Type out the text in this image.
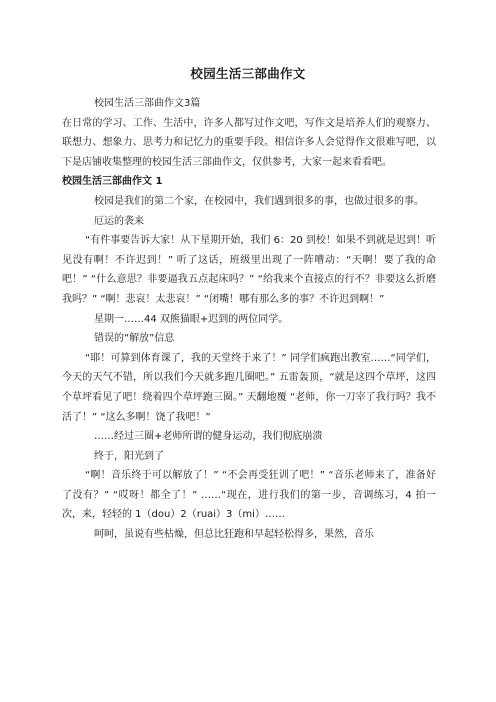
校园生活三部曲作文

校园生活三部曲作文3篇

在日常的学习、工作、生活中，许多人都写过作文吧，写作文是培养人们的观察力、联想力、想象力、思考力和记忆力的重要手段。相信许多人会觉得作文很难写吧，以下是店铺收集整理的校园生活三部曲作文，仅供参考，大家一起来看看吧。

校园生活三部曲作文 1

校园是我们的第二个家，在校园中，我们遇到很多的事，也做过很多的事。

厄运的袭来

“有件事要告诉大家！从下星期开始，我们 6：20 到校！如果不到就是迟到！听见没有啊！不许迟到！” 听了这话，班级里出现了一阵嘈动：“天啊！要了我的命吧！” “什么意思？非要逼我五点起床吗？” “给我来个直接点的行不？非要这么折磨我吗？” “啊！悲哀！太悲哀！” “闭嘴！哪有那么多的事？不许迟到啊！”

星期一……44 双熊猫眼+迟到的两位同学。

错误的“解放”信息

“耶！可算到体育课了，我的天堂终于来了！” 同学们疯跑出教室……“同学们，今天的天气不错，所以我们今天就多跑几圈吧。” 五雷轰顶，“就是这四个草坪，这四个草坪看见了吧！绕着四个草坪跑三圈。” 天翻地覆 “老师，你一刀宰了我行吗？我不活了！” “这么多啊！饶了我吧！”

……经过三圈+老师所谓的健身运动，我们彻底崩溃

终于，阳光到了

“啊！音乐终于可以解放了！” “不会再受狂训了吧！” “音乐老师来了，准备好了没有？” “哎呀！都全了！” ……“现在，进行我们的第一步，音调练习，4 拍一次，来，轻轻的 1（dou）2（ruai）3（mi）……

呵呵，虽说有些枯燥，但总比狂跑和早起轻松得多，果然，音乐
